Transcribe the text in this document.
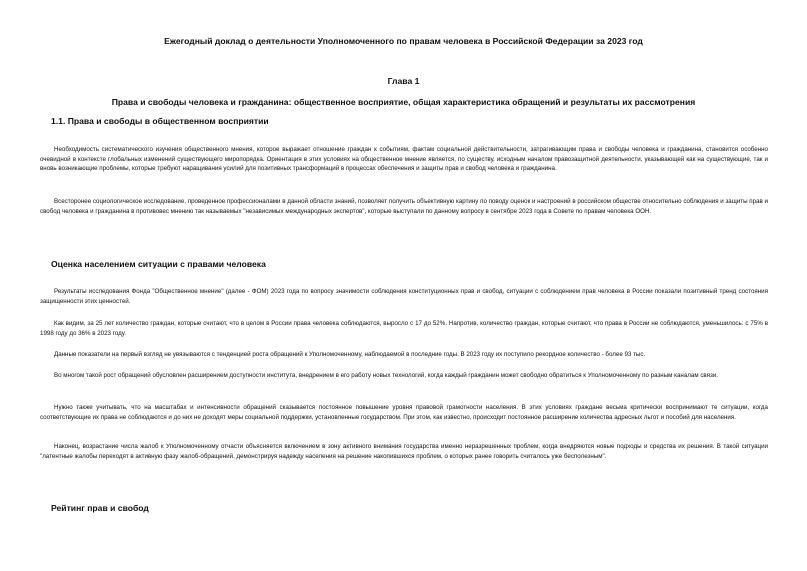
Ежегодный доклад о деятельности Уполномоченного по правам человека в Российской Федерации за 2023 год
Глава 1
Права и свободы человека и гражданина: общественное восприятие, общая характеристика обращений и результаты их рассмотрения
1.1. Права и свободы в общественном восприятии

Необходимость систематического изучения общественного мнения, которое выражает отношение граждан к событиям, фактам социальной действительности, затрагивающим права и свободы человека и гражданина, становится особенно очевидной в контексте глобальных изменений существующего миропорядка. Ориентация в этих условиях на общественное мнение является, по существу, исходным началом правозащитной деятельности, указывающей как на существующие, так и вновь возникающие проблемы, которые требуют наращивания усилий для позитивных трансформаций в процессах обеспечения и защиты прав и свобод человека и гражданина.

Всесторонее социологическое исследование, проведенное профессионалами в данной области знаний, позволяет получить объективную картину по поводу оценок и настроений в российском обществе относительно соблюдения и защиты прав и свобод человека и гражданина в противовес мнению так называемых "независимых международных экспертов", которые выступали по данному вопросу в сентябре 2023 года в Совете по правам человека ООН.

Оценка населением ситуации с правами человека

Результаты исследования Фонда "Общественное мнение" (далее - ФОМ) 2023 года по вопросу значимости соблюдения конституционных прав и свобод, ситуации с соблюдением прав человека в России показали позитивный тренд состояния защищенности этих ценностей.

Как видим, за 25 лет количество граждан, которые считают, что в целом в России права человека соблюдаются, выросло с 17 до 52%. Напротив, количество граждан, которые считают, что права в России не соблюдаются, уменьшилось: с 75% в 1998 году до 36% в 2023 году.

Данные показатели на первый взгляд не увязываются с тенденцией роста обращений к Уполномоченному, наблюдаемой в последние годы. В 2023 году их поступило рекордное количество - более 93 тыс.

Во многом такой рост обращений обусловлен расширением доступности института, внедрением в его работу новых технологий, когда каждый гражданин может свободно обратиться к Уполномоченному по разным каналам связи.

Нужно также учитывать, что на масштабах и интенсивности обращений сказывается постоянное повышение уровня правовой грамотности населения. В этих условиях граждане весьма критически воспринимают те ситуации, когда соответствующие их права не соблюдаются и до них не доходят меры социальной поддержки, установленные государством. При этом, как известно, происходит постоянное расширение количества адресных льгот и пособий для населения.

Наконец, возрастание числа жалоб к Уполномоченному отчасти объясняется включением в зону активного внимания государства именно неразрешенных проблем, когда внедряются новые подходы и средства их решения. В такой ситуации "латентные жалобы переходят в активную фазу жалоб-обращений, демонстрируя надежду населения на решение накопившихся проблем, о которых ранее говорить считалось уже бесполезным".

Рейтинг прав и свобод
